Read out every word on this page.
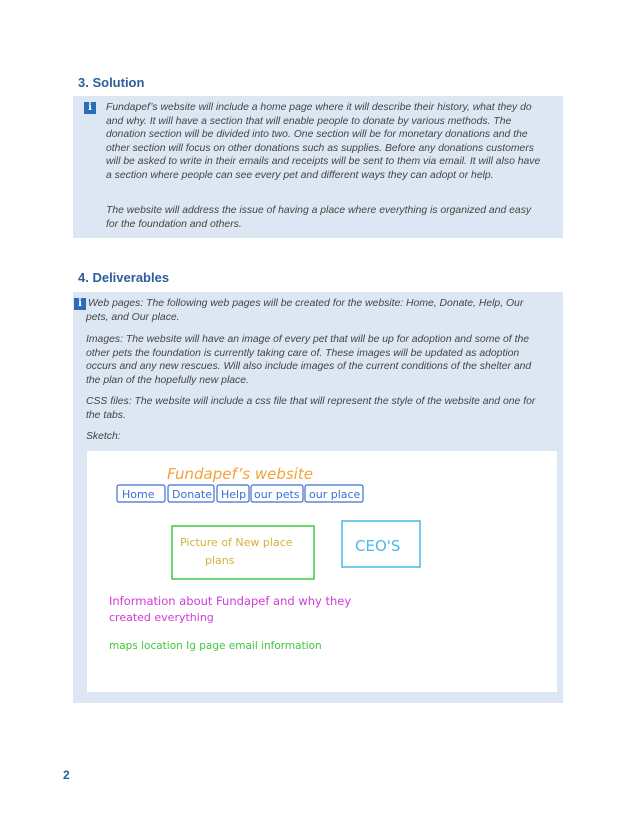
3. Solution
i	Fundapef’s website will include a home page where it will describe their history, what they do and why. It will have a section that will enable people to donate by various methods. The donation section will be divided into two. One section will be for monetary donations and the other section will focus on other donations such as supplies. Before any donations customers will be asked to write in their emails and receipts will be sent to them via email. It will also have a section where people can see every pet and different ways they can adopt or help.
The website will address the issue of having a place where everything is organized and easy for the foundation and others.
4. Deliverables
i Web pages: The following web pages will be created for the website: Home, Donate, Help, Our pets, and Our place.
Images: The website will have an image of every pet that will be up for adoption and some of the other pets the foundation is currently taking care of. These images will be updated as adoption occurs and any new rescues. Will also include images of the current conditions of the shelter and the plan of the hopefully new place.
CSS files: The website will include a css file that will represent the style of the website and one for the tabs.
Sketch:
Fundapef’s website
Home Donate Help our pets our place
Picture of New place
plans
CEO'S
Information about Fundapef and why they
created everything
maps location Ig page email information
2
